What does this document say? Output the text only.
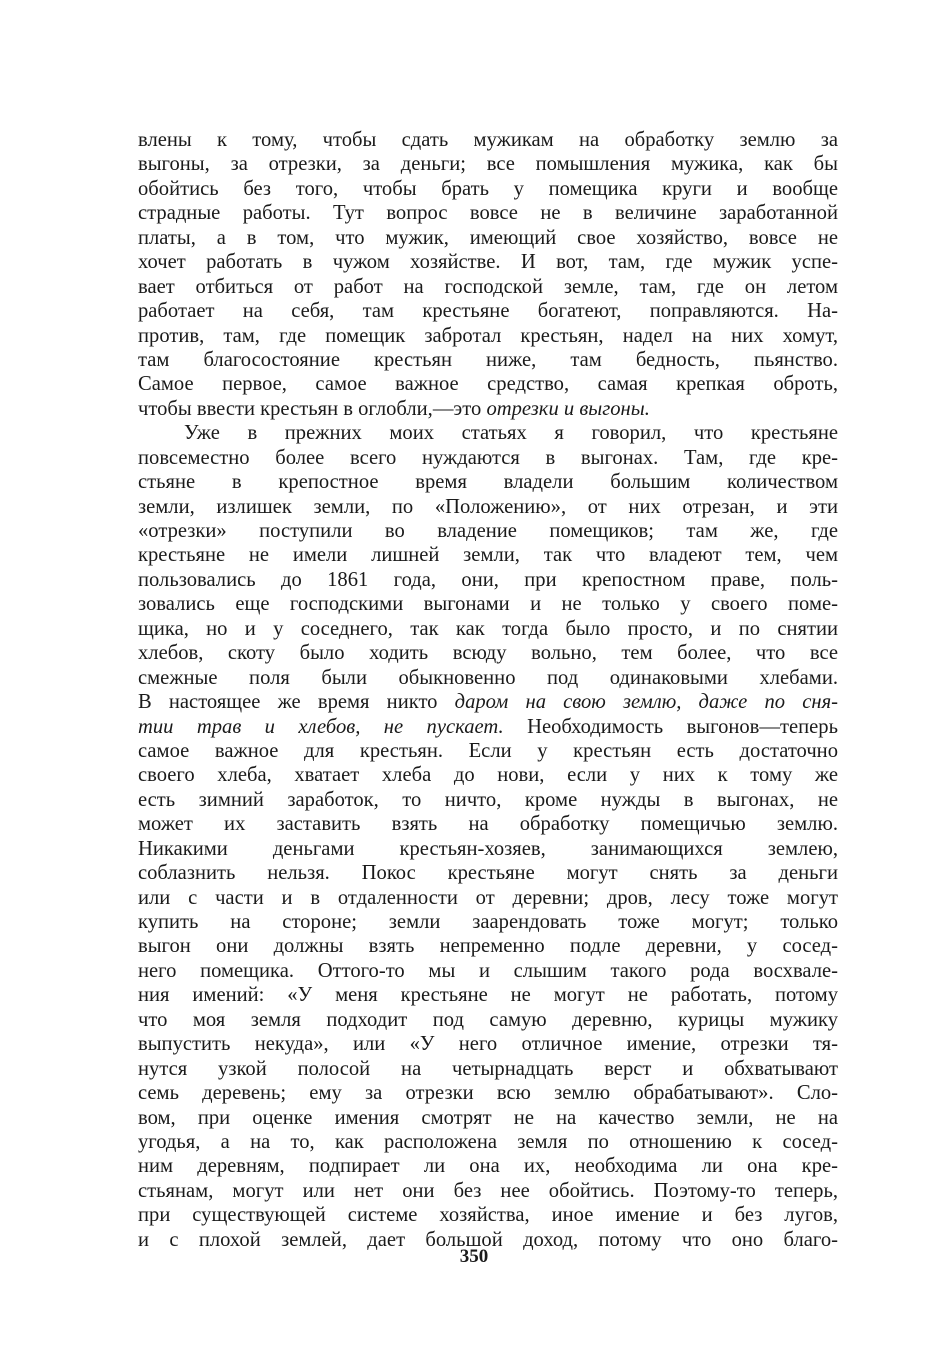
влены к тому, чтобы сдать мужикам на обработку землю за
выгоны, за отрезки, за деньги; все помышления мужика, как бы
обойтись без того, чтобы брать у помещика круги и вообще
страдные работы. Тут вопрос вовсе не в величине заработанной
платы, а в том, что мужик, имеющий свое хозяйство, вовсе не
хочет работать в чужом хозяйстве. И вот, там, где мужик успе-
вает отбиться от работ на господской земле, там, где он летом
работает на себя, там крестьяне богатеют, поправляются. На-
против, там, где помещик забротал крестьян, надел на них хомут,
там благосостояние крестьян ниже, там бедность, пьянство.
Самое первое, самое важное средство, самая крепкая оброть,
чтобы ввести крестьян в оглобли,—это отрезки и выгоны.
Уже в прежних моих статьях я говорил, что крестьяне
повсеместно более всего нуждаются в выгонах. Там, где кре-
стьяне в крепостное время владели большим количеством
земли, излишек земли, по «Положению», от них отрезан, и эти
«отрезки» поступили во владение помещиков; там же, где
крестьяне не имели лишней земли, так что владеют тем, чем
пользовались до 1861 года, они, при крепостном праве, поль-
зовались еще господскими выгонами и не только у своего поме-
щика, но и у соседнего, так как тогда было просто, и по снятии
хлебов, скоту было ходить всюду вольно, тем более, что все
смежные поля были обыкновенно под одинаковыми хлебами.
В настоящее же время никто даром на свою землю, даже по сня-
тии трав и хлебов, не пускает. Необходимость выгонов—теперь
самое важное для крестьян. Если у крестьян есть достаточно
своего хлеба, хватает хлеба до нови, если у них к тому же
есть зимний заработок, то ничто, кроме нужды в выгонах, не
может их заставить взять на обработку помещичью землю.
Никакими деньгами крестьян-хозяев, занимающихся землею,
соблазнить нельзя. Покос крестьяне могут снять за деньги
или с части и в отдаленности от деревни; дров, лесу тоже могут
купить на стороне; земли заарендовать тоже могут; только
выгон они должны взять непременно подле деревни, у сосед-
него помещика. Оттого-то мы и слышим такого рода восхвале-
ния имений: «У меня крестьяне не могут не работать, потому
что моя земля подходит под самую деревню, курицы мужику
выпустить некуда», или «У него отличное имение, отрезки тя-
нутся узкой полосой на четырнадцать верст и обхватывают
семь деревень; ему за отрезки всю землю обрабатывают». Сло-
вом, при оценке имения смотрят не на качество земли, не на
угодья, а на то, как расположена земля по отношению к сосед-
ним деревням, подпирает ли она их, необходима ли она кре-
стьянам, могут или нет они без нее обойтись. Поэтому-то теперь,
при существующей системе хозяйства, иное имение и без лугов,
и с плохой землей, дает большой доход, потому что оно благо-
350
